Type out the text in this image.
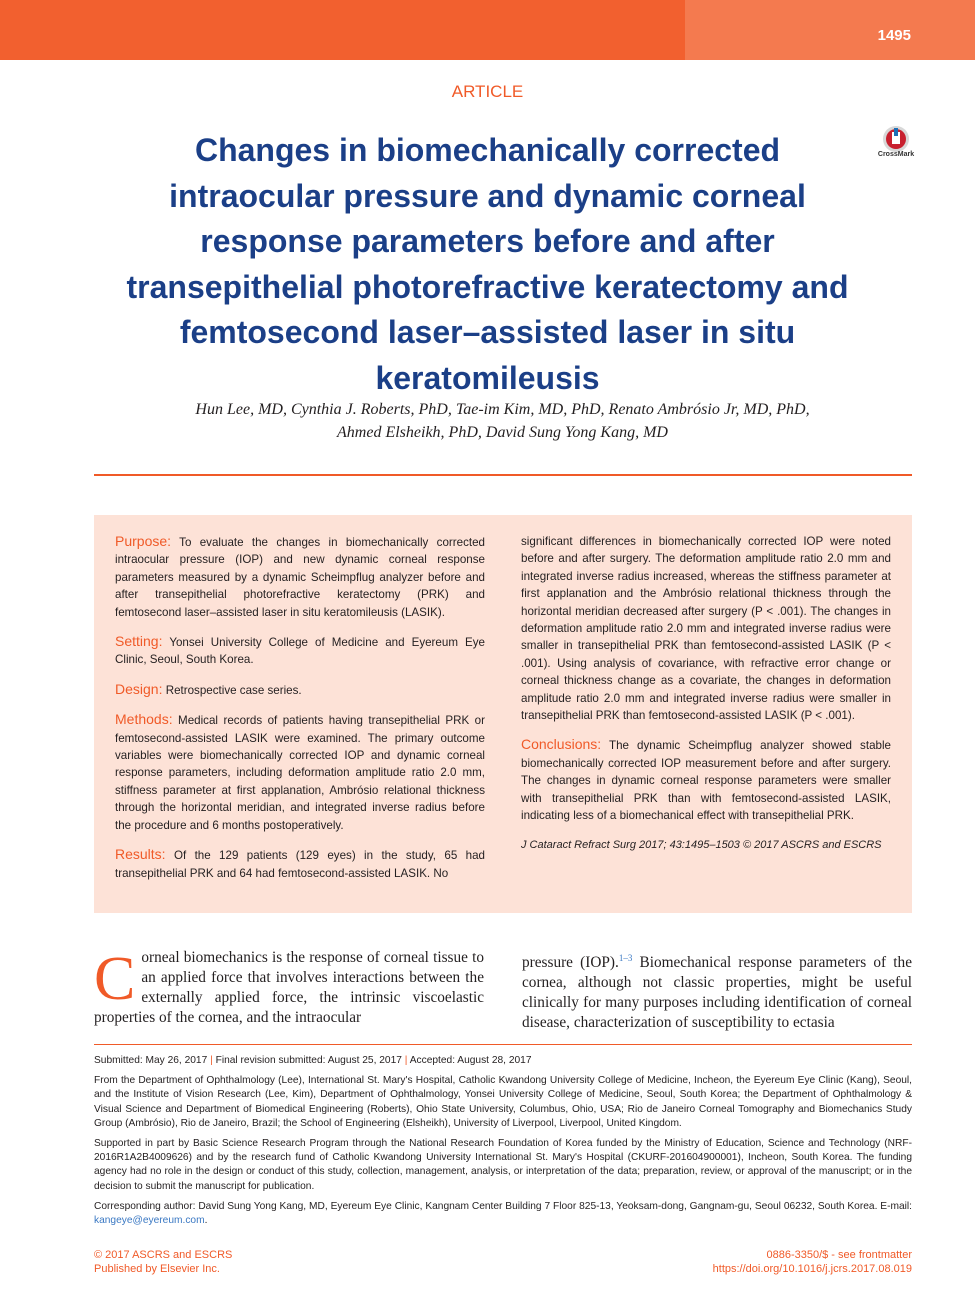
1495
ARTICLE
CrossMark
Changes in biomechanically corrected intraocular pressure and dynamic corneal response parameters before and after transepithelial photorefractive keratectomy and femtosecond laser–assisted laser in situ keratomileusis
Hun Lee, MD, Cynthia J. Roberts, PhD, Tae-im Kim, MD, PhD, Renato Ambrósio Jr, MD, PhD,
Ahmed Elsheikh, PhD, David Sung Yong Kang, MD

Purpose: To evaluate the changes in biomechanically corrected intraocular pressure (IOP) and new dynamic corneal response parameters measured by a dynamic Scheimpflug analyzer before and after transepithelial photorefractive keratectomy (PRK) and femtosecond laser–assisted laser in situ keratomileusis (LASIK).

Setting: Yonsei University College of Medicine and Eyereum Eye Clinic, Seoul, South Korea.

Design: Retrospective case series.

Methods: Medical records of patients having transepithelial PRK or femtosecond-assisted LASIK were examined. The primary outcome variables were biomechanically corrected IOP and dynamic corneal response parameters, including deformation amplitude ratio 2.0 mm, stiffness parameter at first applanation, Ambrósio relational thickness through the horizontal meridian, and integrated inverse radius before the procedure and 6 months postoperatively.

Results: Of the 129 patients (129 eyes) in the study, 65 had transepithelial PRK and 64 had femtosecond-assisted LASIK. No

significant differences in biomechanically corrected IOP were noted before and after surgery. The deformation amplitude ratio 2.0 mm and integrated inverse radius increased, whereas the stiffness parameter at first applanation and the Ambrósio relational thickness through the horizontal meridian decreased after surgery (P < .001). The changes in deformation amplitude ratio 2.0 mm and integrated inverse radius were smaller in transepithelial PRK than femtosecond-assisted LASIK (P < .001). Using analysis of covariance, with refractive error change or corneal thickness change as a covariate, the changes in deformation amplitude ratio 2.0 mm and integrated inverse radius were smaller in transepithelial PRK than femtosecond-assisted LASIK (P < .001).

Conclusions: The dynamic Scheimpflug analyzer showed stable biomechanically corrected IOP measurement before and after surgery. The changes in dynamic corneal response parameters were smaller with transepithelial PRK than with femtosecond-assisted LASIK, indicating less of a biomechanical effect with transepithelial PRK.

J Cataract Refract Surg 2017; 43:1495–1503 © 2017 ASCRS and ESCRS

Corneal biomechanics is the response of corneal tissue to an applied force that involves interactions between the externally applied force, the intrinsic viscoelastic properties of the cornea, and the intraocular
pressure (IOP).$^{1-3}$ Biomechanical response parameters of the cornea, although not classic properties, might be useful clinically for many purposes including identification of corneal disease, characterization of susceptibility to ectasia

Submitted: May 26, 2017 | Final revision submitted: August 25, 2017 | Accepted: August 28, 2017

From the Department of Ophthalmology (Lee), International St. Mary's Hospital, Catholic Kwandong University College of Medicine, Incheon, the Eyereum Eye Clinic (Kang), Seoul, and the Institute of Vision Research (Lee, Kim), Department of Ophthalmology, Yonsei University College of Medicine, Seoul, South Korea; the Department of Ophthalmology & Visual Science and Department of Biomedical Engineering (Roberts), Ohio State University, Columbus, Ohio, USA; Rio de Janeiro Corneal Tomography and Biomechanics Study Group (Ambrósio), Rio de Janeiro, Brazil; the School of Engineering (Elsheikh), University of Liverpool, Liverpool, United Kingdom.

Supported in part by Basic Science Research Program through the National Research Foundation of Korea funded by the Ministry of Education, Science and Technology (NRF-2016R1A2B4009626) and by the research fund of Catholic Kwandong University International St. Mary's Hospital (CKURF-201604900001), Incheon, South Korea. The funding agency had no role in the design or conduct of this study, collection, management, analysis, or interpretation of the data; preparation, review, or approval of the manuscript; or in the decision to submit the manuscript for publication.

Corresponding author: David Sung Yong Kang, MD, Eyereum Eye Clinic, Kangnam Center Building 7 Floor 825-13, Yeoksam-dong, Gangnam-gu, Seoul 06232, South Korea. E-mail: kangeye@eyereum.com.

© 2017 ASCRS and ESCRS
Published by Elsevier Inc.
0886-3350/$ - see frontmatter
https://doi.org/10.1016/j.jcrs.2017.08.019
